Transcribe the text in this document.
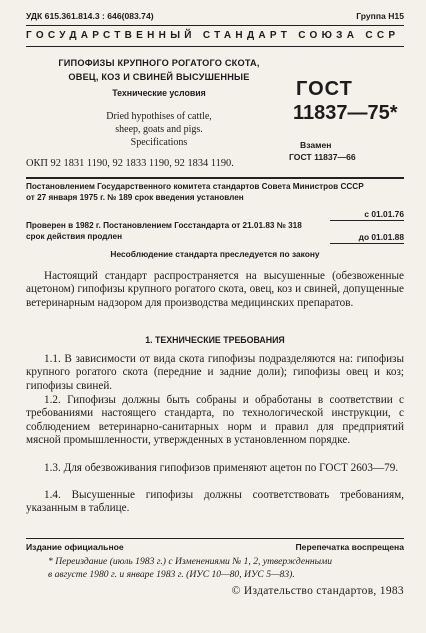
УДК 615.361.814.3 : 646(083.74)	Группа Н15
ГОСУДАРСТВЕННЫЙ СТАНДАРТ СОЮЗА ССР
ГИПОФИЗЫ КРУПНОГО РОГАТОГО СКОТА,
ОВЕЦ, КОЗ И СВИНЕЙ ВЫСУШЕННЫЕ
Технические условия
Dried hypothises of cattle,
sheep, goats and pigs.
Specifications
ОКП 92 1831 1190, 92 1833 1190, 92 1834 1190.
ГОСТ
11837—75*
Взамен
ГОСТ 11837—66
Постановлением Государственного комитета стандартов Совета Министров СССР
от 27 января 1975 г. № 189 срок введения установлен
с 01.01.76
Проверен в 1982 г. Постановлением Госстандарта от 21.01.83 № 318
срок действия продлен	до 01.01.88
Несоблюдение стандарта преследуется по закону
Настоящий стандарт распространяется на высушенные (обезвоженные ацетоном) гипофизы крупного рогатого скота, овец, коз и свиней, допущенные ветеринарным надзором для производства медицинских препаратов.
1. ТЕХНИЧЕСКИЕ ТРЕБОВАНИЯ
1.1. В зависимости от вида скота гипофизы подразделяются на: гипофизы крупного рогатого скота (передние и задние доли); гипофизы овец и коз; гипофизы свиней.
1.2. Гипофизы должны быть собраны и обработаны в соответствии с требованиями настоящего стандарта, по технологической инструкции, с соблюдением ветеринарно-санитарных норм и правил для предприятий мясной промышленности, утвержденных в установленном порядке.
1.3. Для обезвоживания гипофизов применяют ацетон по ГОСТ 2603—79.
1.4. Высушенные гипофизы должны соответствовать требованиям, указанным в таблице.
Издание официальное	Перепечатка воспрещена
* Переиздание (июль 1983 г.) с Изменениями № 1, 2, утвержденными
в августе 1980 г. и январе 1983 г. (ИУС 10—80, ИУС 5—83).
© Издательство стандартов, 1983
